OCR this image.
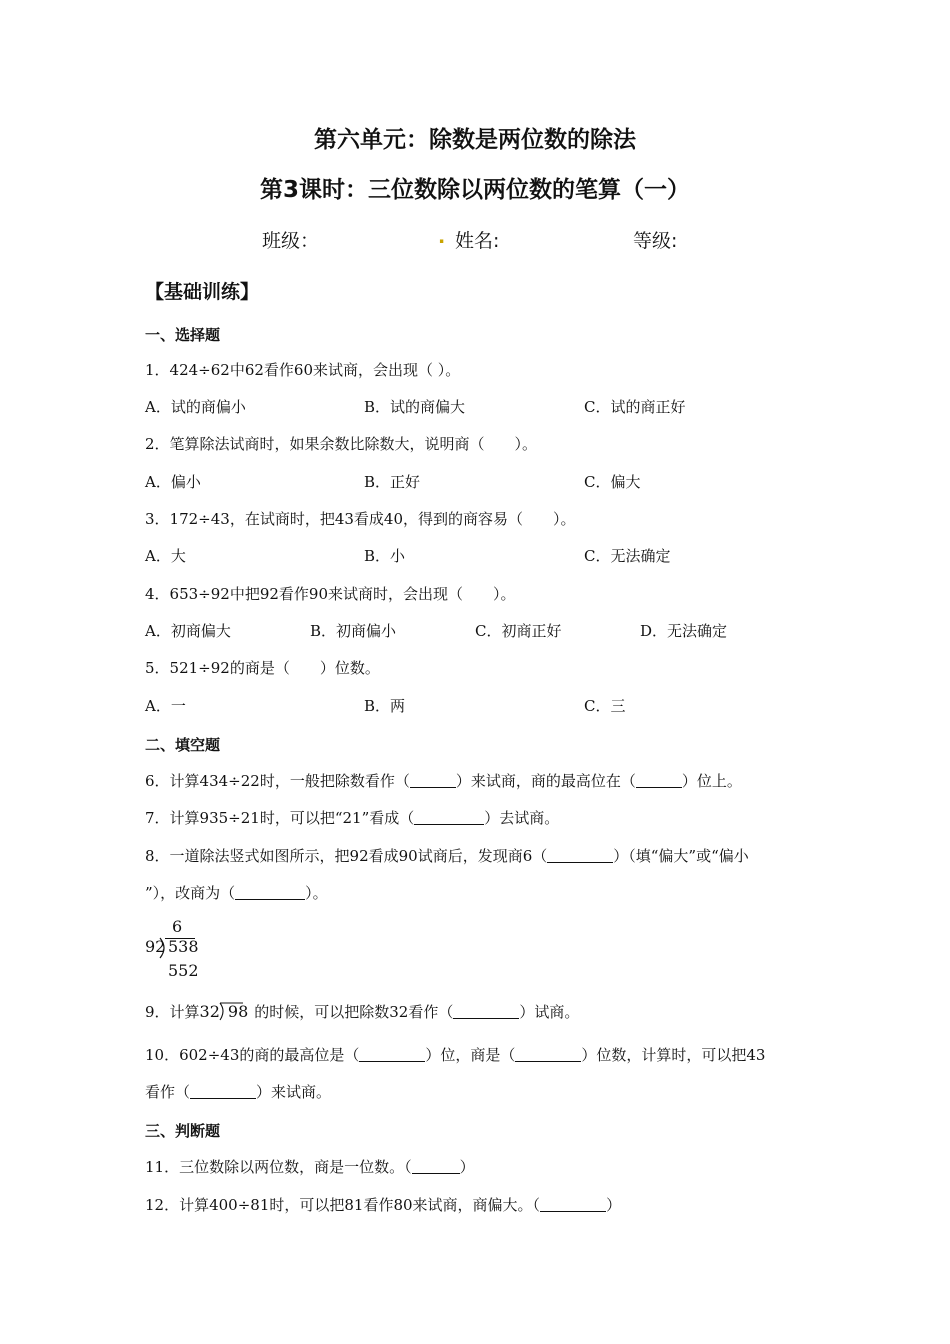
第六单元：除数是两位数的除法
第3课时：三位数除以两位数的笔算（一）
班级：	. 姓名:	等级:
【基础训练】
一、选择题
1．424÷62中62看作60来试商，会出现（ ）。
A．试的商偏小	B．试的商偏大	C．试的商正好
2．笔算除法试商时，如果余数比除数大，说明商（　　）。
A．偏小	B．正好	C．偏大
3．172÷43，在试商时，把43看成40，得到的商容易（　　）。
A．大	B．小	C．无法确定
4．653÷92中把92看作90来试商时，会出现（　　）。
A．初商偏大	B．初商偏小	C．初商正好	D．无法确定
5．521÷92的商是（　　）位数。
A．一	B．两	C．三
二、填空题
6．计算434÷22时，一般把除数看作（	）来试商，商的最高位在（	）位上。
7．计算935÷21时，可以把“21”看成（	）去试商。
8．一道除法竖式如图所示，把92看成90试商后，发现商6（	）（填“偏大”或“偏小
”），改商为（	）。
6
92 538
552
9．计算32 98 的时候，可以把除数32看作（	）试商。
10．602÷43的商的最高位是（	）位，商是（	）位数，计算时，可以把43
看作（	）来试商。
三、判断题
11．三位数除以两位数，商是一位数。（	）
12．计算400÷81时，可以把81看作80来试商，商偏大。（	）
